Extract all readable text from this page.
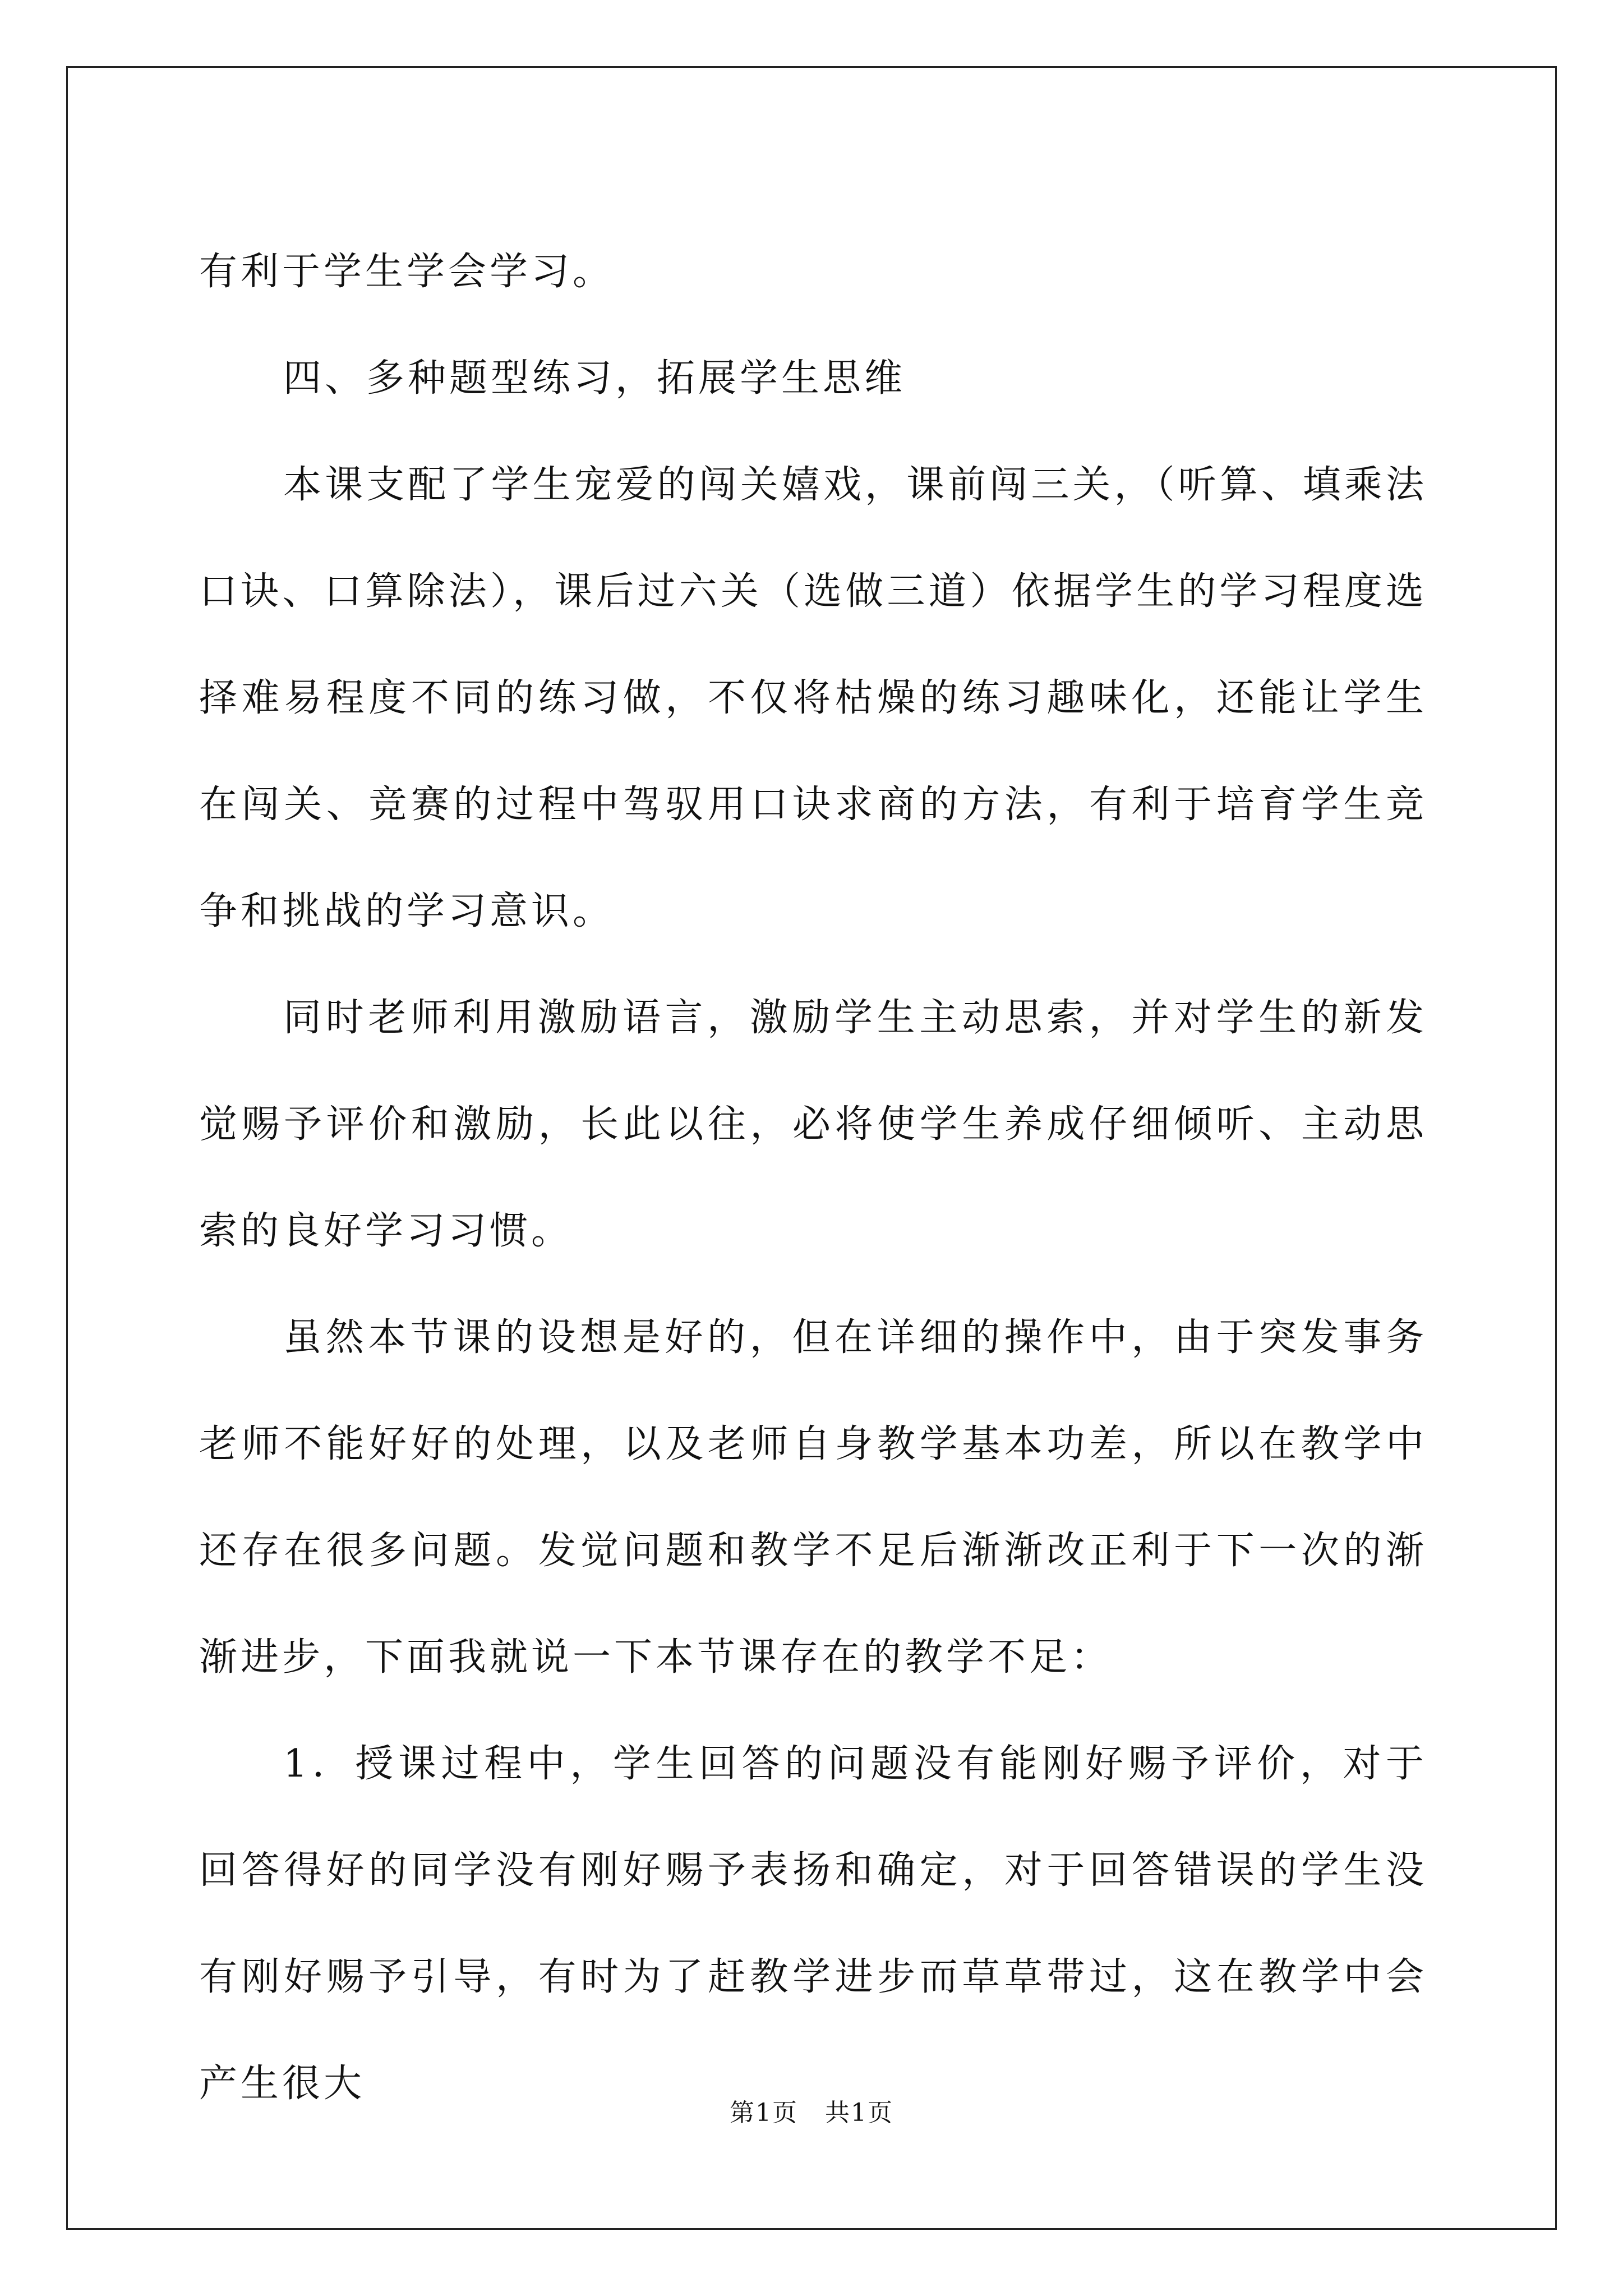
有利于学生学会学习。

四、多种题型练习，拓展学生思维

本课支配了学生宠爱的闯关嬉戏，课前闯三关，（听算、填乘法口诀、口算除法），课后过六关（选做三道）依据学生的学习程度选择难易程度不同的练习做，不仅将枯燥的练习趣味化，还能让学生在闯关、竞赛的过程中驾驭用口诀求商的方法，有利于培育学生竞争和挑战的学习意识。

同时老师利用激励语言，激励学生主动思索，并对学生的新发觉赐予评价和激励，长此以往，必将使学生养成仔细倾听、主动思索的良好学习习惯。

虽然本节课的设想是好的，但在详细的操作中，由于突发事务老师不能好好的处理，以及老师自身教学基本功差，所以在教学中还存在很多问题。发觉问题和教学不足后渐渐改正利于下一次的渐渐进步，下面我就说一下本节课存在的教学不足：

1．授课过程中，学生回答的问题没有能刚好赐予评价，对于回答得好的同学没有刚好赐予表扬和确定，对于回答错误的学生没有刚好赐予引导，有时为了赶教学进步而草草带过，这在教学中会产生很大

第1页 共1页
